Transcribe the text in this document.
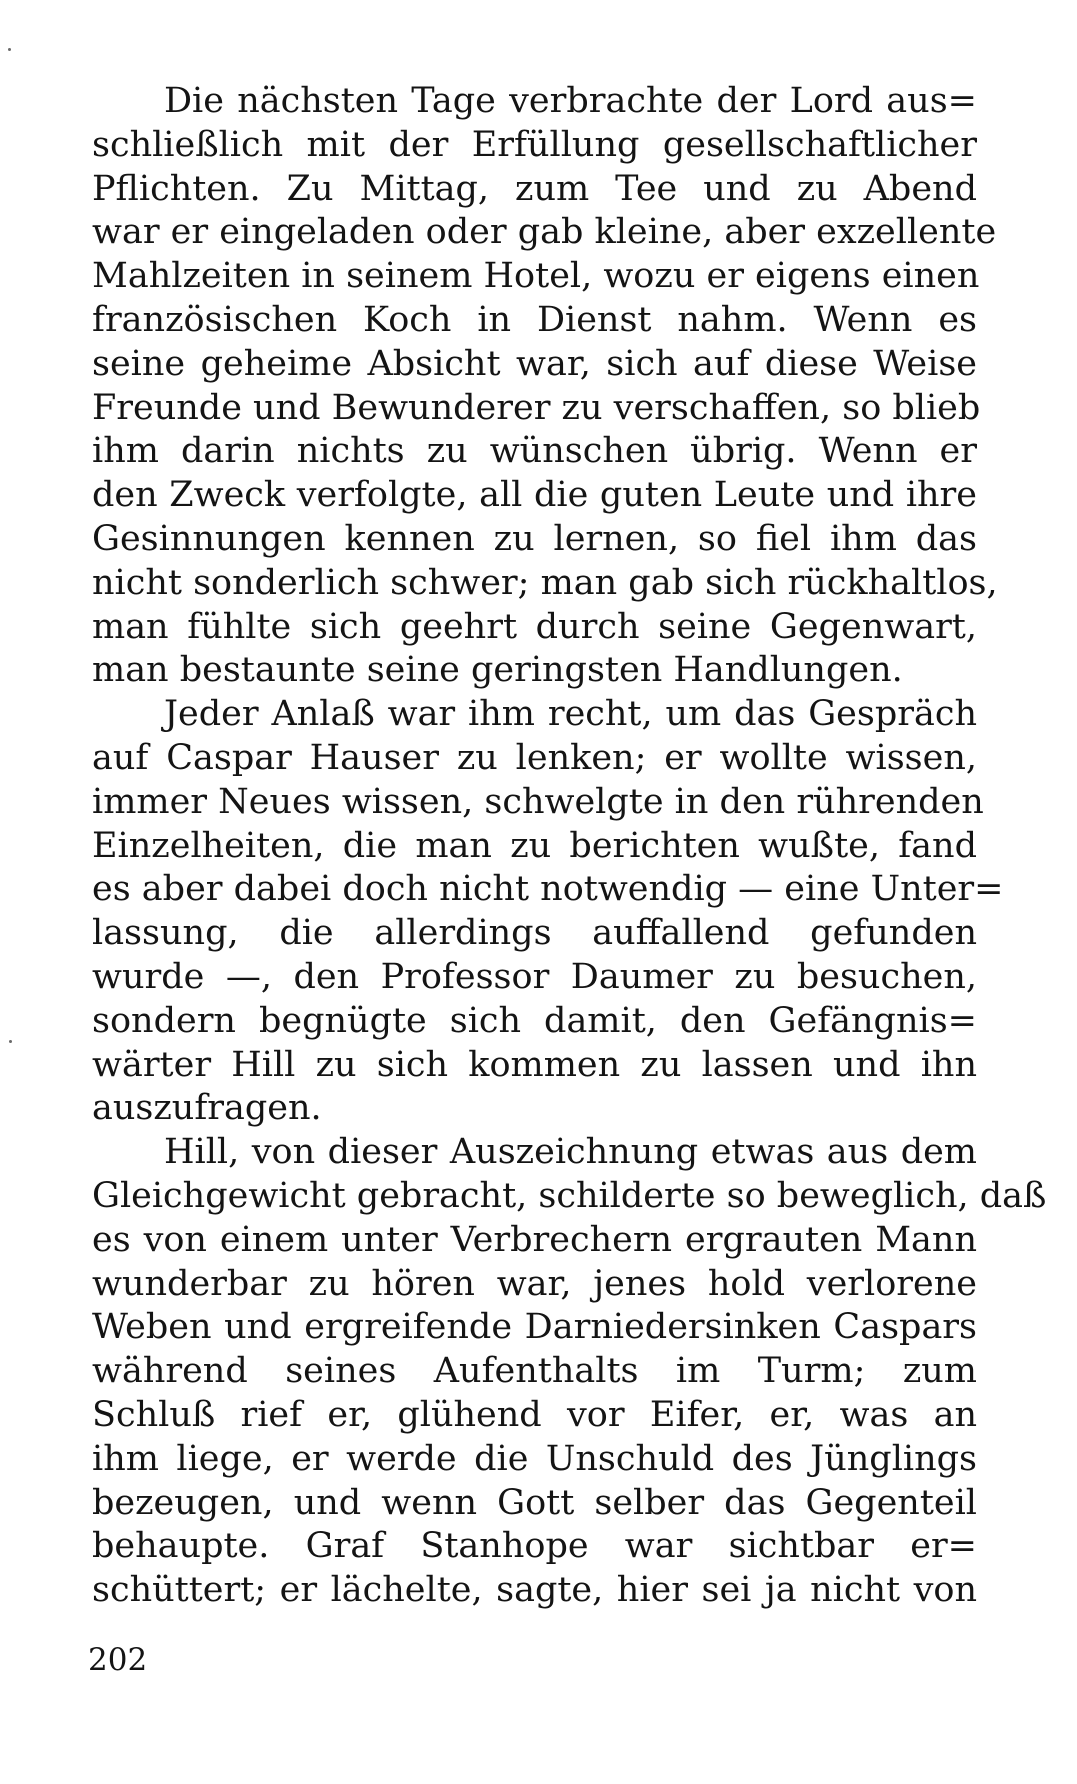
Die nächsten Tage verbrachte der Lord aus=
schließlich mit der Erfüllung gesellschaftlicher
Pflichten. Zu Mittag, zum Tee und zu Abend
war er eingeladen oder gab kleine, aber exzellente
Mahlzeiten in seinem Hotel, wozu er eigens einen
französischen Koch in Dienst nahm. Wenn es
seine geheime Absicht war, sich auf diese Weise
Freunde und Bewunderer zu verschaffen, so blieb
ihm darin nichts zu wünschen übrig. Wenn er
den Zweck verfolgte, all die guten Leute und ihre
Gesinnungen kennen zu lernen, so fiel ihm das
nicht sonderlich schwer; man gab sich rückhaltlos,
man fühlte sich geehrt durch seine Gegenwart,
man bestaunte seine geringsten Handlungen.
Jeder Anlaß war ihm recht, um das Gespräch
auf Caspar Hauser zu lenken; er wollte wissen,
immer Neues wissen, schwelgte in den rührenden
Einzelheiten, die man zu berichten wußte, fand
es aber dabei doch nicht notwendig — eine Unter=
lassung, die allerdings auffallend gefunden
wurde —, den Professor Daumer zu besuchen,
sondern begnügte sich damit, den Gefängnis=
wärter Hill zu sich kommen zu lassen und ihn
auszufragen.
Hill, von dieser Auszeichnung etwas aus dem
Gleichgewicht gebracht, schilderte so beweglich, daß
es von einem unter Verbrechern ergrauten Mann
wunderbar zu hören war, jenes hold verlorene
Weben und ergreifende Darniedersinken Caspars
während seines Aufenthalts im Turm; zum
Schluß rief er, glühend vor Eifer, er, was an
ihm liege, er werde die Unschuld des Jünglings
bezeugen, und wenn Gott selber das Gegenteil
behaupte. Graf Stanhope war sichtbar er=
schüttert; er lächelte, sagte, hier sei ja nicht von
202
